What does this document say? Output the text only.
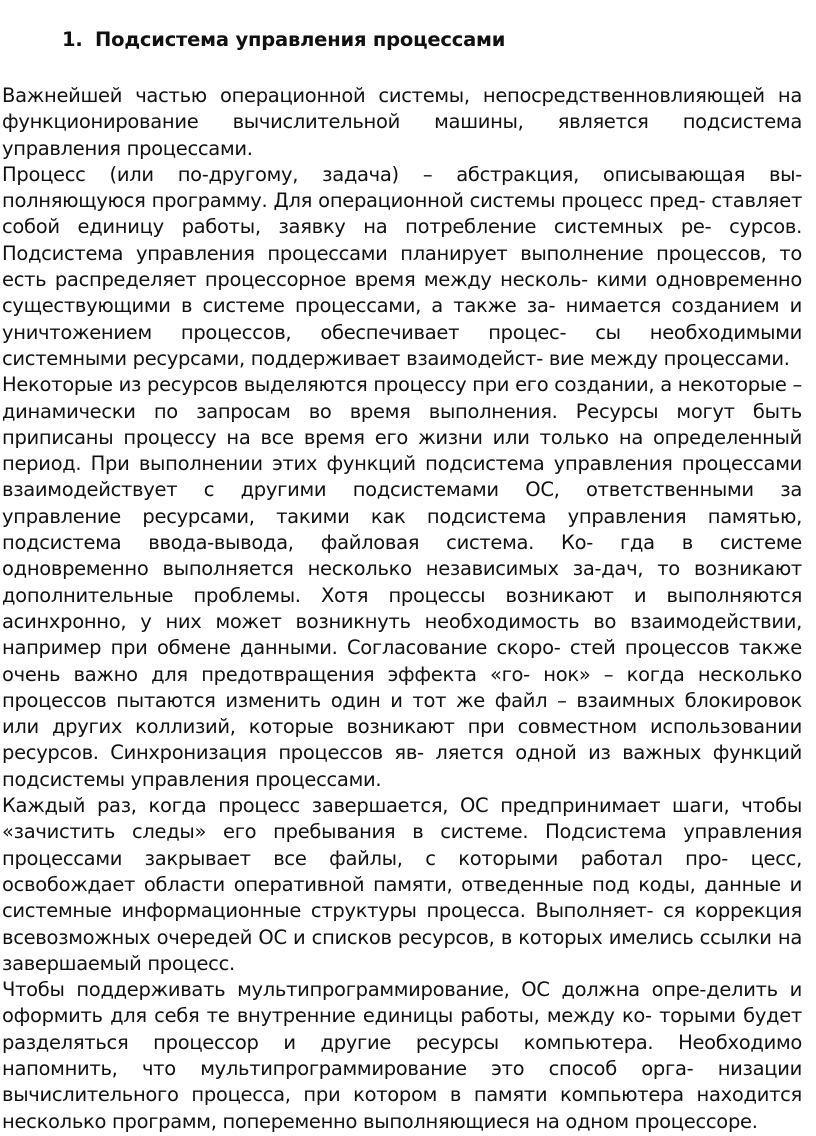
1. Подсистема управления процессами

Важнейшей частью операционной системы, непосредственновлияющей на функционирование вычислительной машины, является подсистема управления процессами.

Процесс (или по-другому, задача) – абстракция, описывающая вы- полняющуюся программу. Для операционной системы процесс пред- ставляет собой единицу работы, заявку на потребление системных ре- сурсов. Подсистема управления процессами планирует выполнение процессов, то есть распределяет процессорное время между несколь- кими одновременно существующими в системе процессами, а также за- нимается созданием и уничтожением процессов, обеспечивает процес- сы необходимыми системными ресурсами, поддерживает взаимодейст- вие между процессами.

Некоторые из ресурсов выделяются процессу при его создании, а некоторые – динамически по запросам во время выполнения. Ресурсы могут быть приписаны процессу на все время его жизни или только на определенный период. При выполнении этих функций подсистема управления процессами взаимодействует с другими подсистемами ОС, ответственными за управление ресурсами, такими как подсистема управления памятью, подсистема ввода-вывода, файловая система. Ко- гда в системе одновременно выполняется несколько независимых за-дач, то возникают дополнительные проблемы. Хотя процессы возникают и выполняются асинхронно, у них может возникнуть необходимость во взаимодействии, например при обмене данными. Согласование скоро- стей процессов также очень важно для предотвращения эффекта «го- нок» – когда несколько процессов пытаются изменить один и тот же файл – взаимных блокировок или других коллизий, которые возникают при совместном использовании ресурсов. Синхронизация процессов яв- ляется одной из важных функций подсистемы управления процессами.

Каждый раз, когда процесс завершается, ОС предпринимает шаги, чтобы «зачистить следы» его пребывания в системе. Подсистема управления процессами закрывает все файлы, с которыми работал про- цесс, освобождает области оперативной памяти, отведенные под коды, данные и системные информационные структуры процесса. Выполняет- ся коррекция всевозможных очередей ОС и списков ресурсов, в которых имелись ссылки на завершаемый процесс.

Чтобы поддерживать мультипрограммирование, ОС должна опре-делить и оформить для себя те внутренние единицы работы, между ко- торыми будет разделяться процессор и другие ресурсы компьютера. Необходимо напомнить, что мультипрограммирование это способ орга- низации вычислительного процесса, при котором в памяти компьютера находится несколько программ, попеременно выполняющиеся на одном процессоре.
